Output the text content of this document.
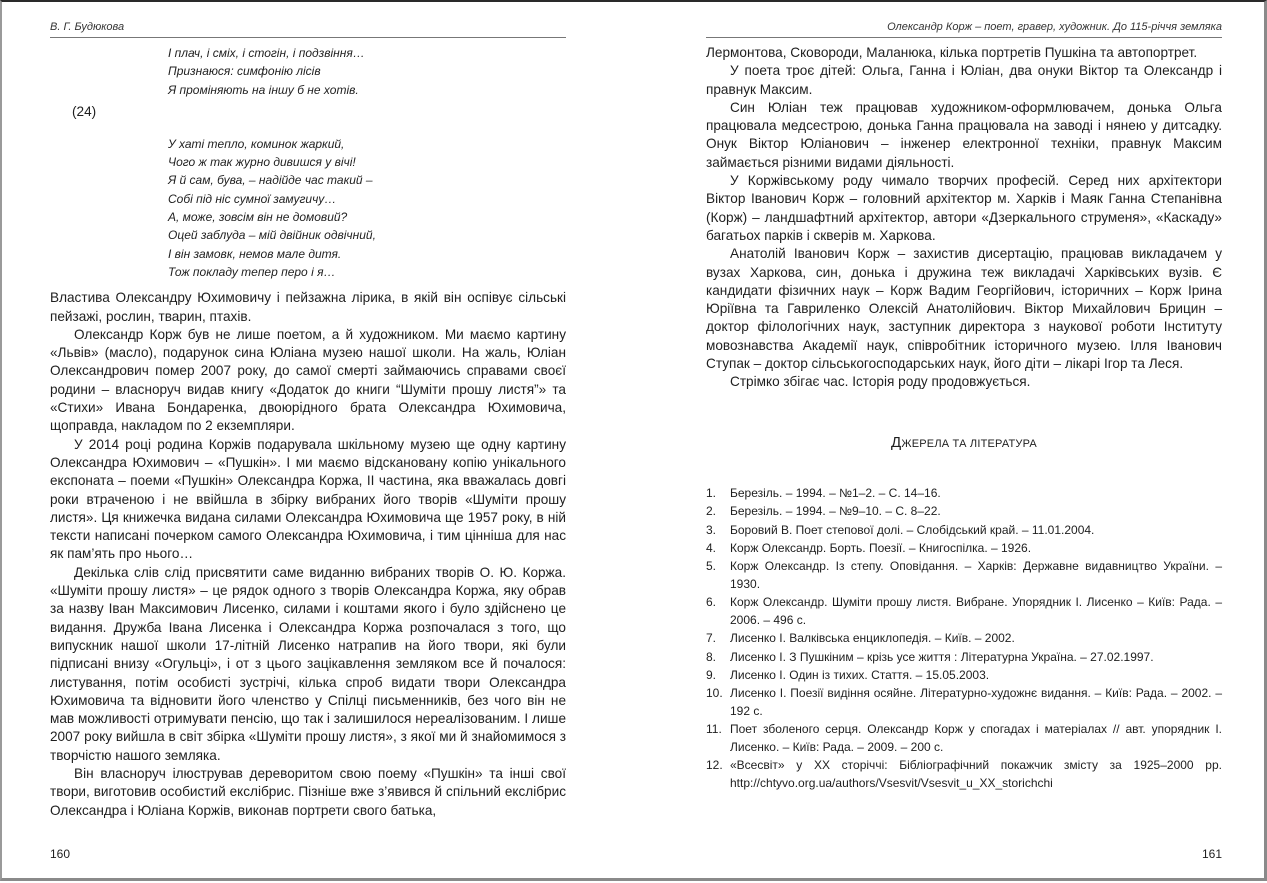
В. Г. Будюкова
І плач, і сміх, і стогін, і подзвіння…
Признаюся: симфонію лісів
Я проміняють на іншу б не хотів.
(24)
У хаті тепло, коминок жаркий,
Чого ж так журно дивишся у вічі!
Я й сам, бува, – надійде час такий –
Собі під ніс сумної замугичу…
А, може, зовсім він не домовий?
Оцей заблуда – мій двійник одвічний,
І він замовк, немов мале дитя.
Тож покладу тепер перо і я…

Властива Олександру Юхимовичу і пейзажна лірика, в якій він оспівує сільські пейзажі, рослин, тварин, птахів.

Олександр Корж був не лише поетом, а й художником. Ми маємо картину «Львів» (масло), подарунок сина Юліана музею нашої школи. На жаль, Юліан Олександрович помер 2007 року, до самої смерті займаючись справами своєї родини – власноруч видав книгу «Додаток до книги “Шуміти прошу листя”» та «Стихи» Ивана Бондаренка, двоюрідного брата Олександра Юхимовича, щоправда, накладом по 2 екземпляри.

У 2014 році родина Коржів подарувала шкільному музею ще одну картину Олександра Юхимович – «Пушкін». І ми маємо відскановану копію унікального експоната – поеми «Пушкін» Олександра Коржа, ІІ частина, яка вважалась довгі роки втраченою і не ввійшла в збірку вибраних його творів «Шуміти прошу листя». Ця книжечка видана силами Олександра Юхимовича ще 1957 року, в ній тексти написані почерком самого Олександра Юхимовича, і тим цінніша для нас як пам’ять про нього…

Декілька слів слід присвятити саме виданню вибраних творів О. Ю. Коржа. «Шуміти прошу листя» – це рядок одного з творів Олександра Коржа, яку обрав за назву Іван Максимович Лисенко, силами і коштами якого і було здійснено це видання. Дружба Івана Лисенка і Олександра Коржа розпочалася з того, що випускник нашої школи 17-літній Лисенко натрапив на його твори, які були підписані внизу «Огульці», і от з цього зацікавлення земляком все й почалося: листування, потім особисті зустрічі, кілька спроб видати твори Олександра Юхимовича та відновити його членство у Спілці письменників, без чого він не мав можливості отримувати пенсію, що так і залишилося нереалізованим. І лише 2007 року вийшла в світ збірка «Шуміти прошу листя», з якої ми й знайомимося з творчістю нашого земляка.

Він власноруч ілюстрував дереворитом свою поему «Пушкін» та інші свої твори, виготовив особистий екслібрис. Пізніше вже з’явився й спільний екслібрис Олександра і Юліана Коржів, виконав портрети свого батька,

160
Олександр Корж – поет, гравер, художник. До 115-річчя земляка

Лермонтова, Сковороди, Маланюка, кілька портретів Пушкіна та автопортрет.

У поета троє дітей: Ольга, Ганна і Юліан, два онуки Віктор та Олександр і правнук Максим.

Син Юліан теж працював художником-оформлювачем, донька Ольга працювала медсестрою, донька Ганна працювала на заводі і нянею у дитсадку. Онук Віктор Юліанович – інженер електронної техніки, правнук Максим займається різними видами діяльності.

У Коржівському роду чимало творчих професій. Серед них архітектори Віктор Іванович Корж – головний архітектор м. Харків і Маяк Ганна Степанівна (Корж) – ландшафтний архітектор, автори «Дзеркального струменя», «Каскаду» багатьох парків і скверів м. Харкова.

Анатолій Іванович Корж – захистив дисертацію, працював викладачем у вузах Харкова, син, донька і дружина теж викладачі Харківських вузів. Є кандидати фізичних наук – Корж Вадим Георгійович, історичних – Корж Ірина Юріївна та Гавриленко Олексій Анатолійович. Віктор Михайлович Брицин – доктор філологічних наук, заступник директора з наукової роботи Інституту мовознавства Академії наук, співробітник історичного музею. Ілля Іванович Ступак – доктор сільськогосподарських наук, його діти – лікарі Ігор та Леся.

Стрімко збігає час. Історія роду продовжується.

ДЖЕРЕЛА ТА ЛІТЕРАТУРА
1. Березіль. – 1994. – №1–2. – С. 14–16.
2. Березіль. – 1994. – №9–10. – С. 8–22.
3. Боровий В. Поет степової долі. – Слобідський край. – 11.01.2004.
4. Корж Олександр. Борть. Поезії. – Книгоспілка. – 1926.
5. Корж Олександр. Із степу. Оповідання. – Харків: Державне видавництво України. – 1930.
6. Корж Олександр. Шуміти прошу листя. Вибране. Упорядник І. Лисенко – Київ: Рада. – 2006. – 496 с.
7. Лисенко І. Валківська енциклопедія. – Київ. – 2002.
8. Лисенко І. З Пушкіним – крізь усе життя : Літературна Україна. – 27.02.1997.
9. Лисенко І. Один із тихих. Стаття. – 15.05.2003.
10. Лисенко І. Поезії видіння осяйне. Літературно-художнє видання. – Київ: Рада. – 2002. – 192 с.
11. Поет зболеного серця. Олександр Корж у спогадах і матеріалах // авт. упорядник І. Лисенко. – Київ: Рада. – 2009. – 200 с.
12. «Всесвіт» у ХХ сторіччі: Бібліографічний покажчик змісту за 1925–2000 рр. http://chtyvo.org.ua/authors/Vsesvit/Vsesvit_u_XX_storichchi
161
